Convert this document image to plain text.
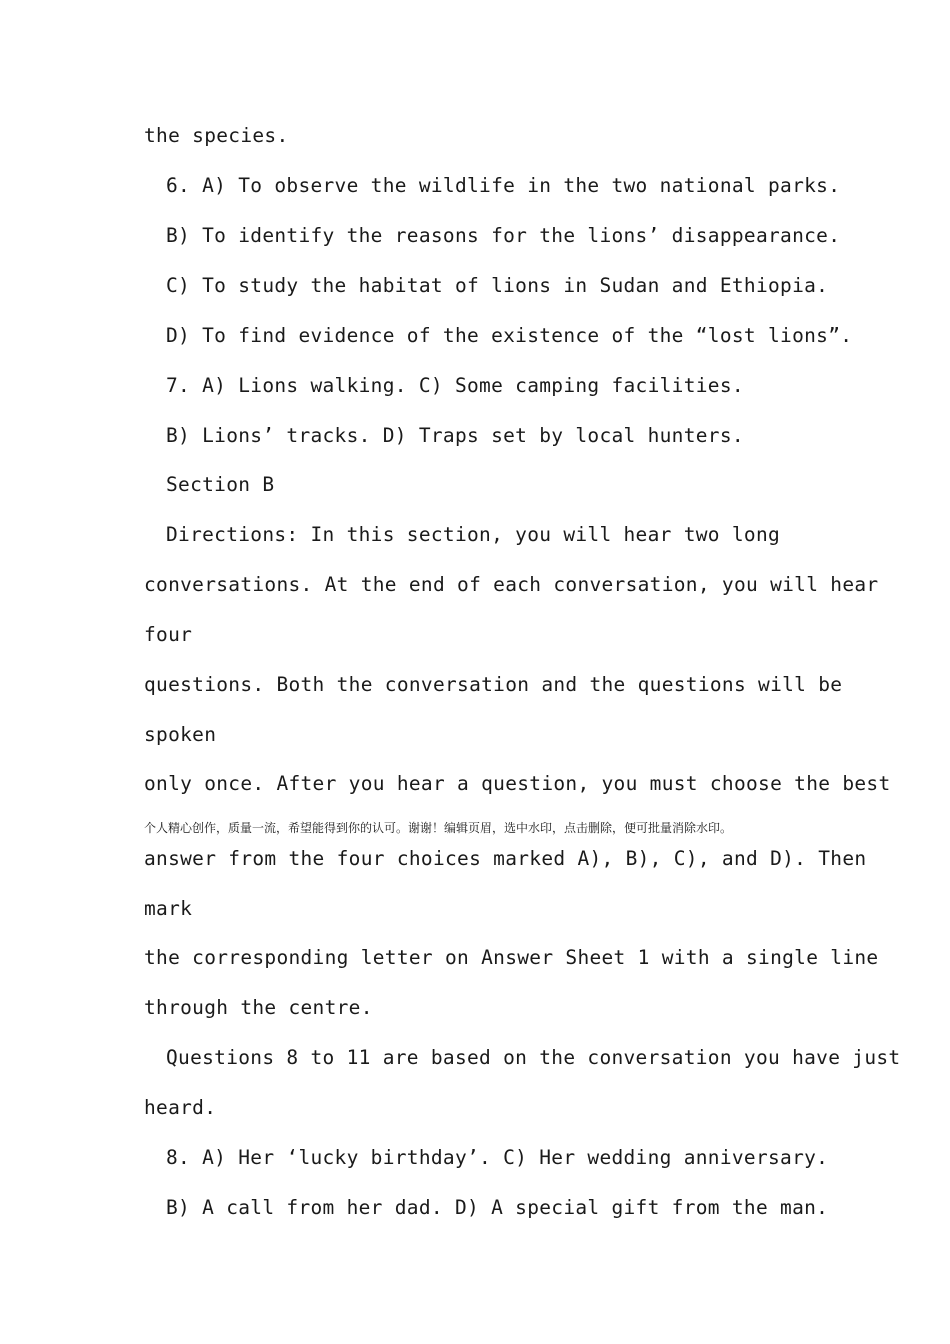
the species.
6. A) To observe the wildlife in the two national parks.
B) To identify the reasons for the lions’ disappearance.
C) To study the habitat of lions in Sudan and Ethiopia.
D) To find evidence of the existence of the “lost lions”.
7. A) Lions walking. C) Some camping facilities.
B) Lions’ tracks. D) Traps set by local hunters.
Section B
Directions: In this section, you will hear two long
conversations. At the end of each conversation, you will hear
four
questions. Both the conversation and the questions will be
spoken
only once. After you hear a question, you must choose the best
个人精心创作，质量一流，希望能得到你的认可。谢谢！编辑页眉，选中水印，点击删除，便可批量消除水印。
answer from the four choices marked A), B), C), and D). Then
mark
the corresponding letter on Answer Sheet 1 with a single line
through the centre.
Questions 8 to 11 are based on the conversation you have just
heard.
8. A) Her ‘lucky birthday’. C) Her wedding anniversary.
B) A call from her dad. D) A special gift from the man.
